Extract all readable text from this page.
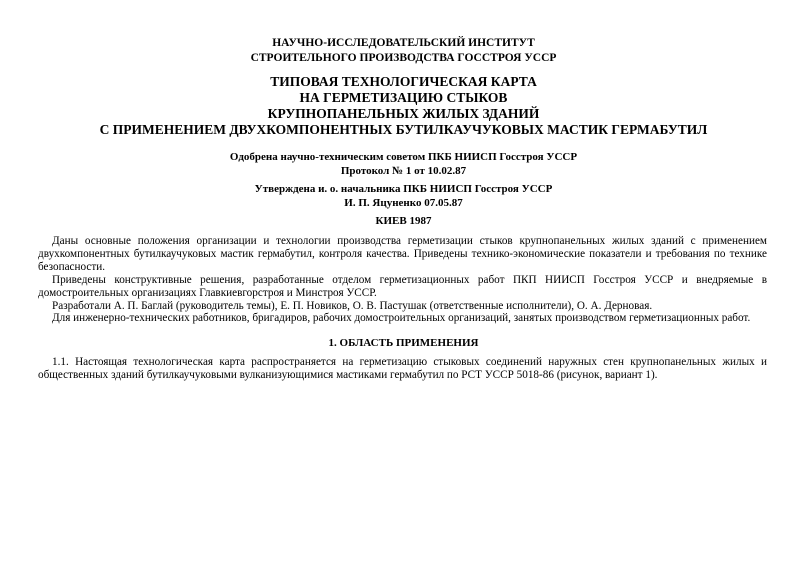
НАУЧНО-ИССЛЕДОВАТЕЛЬСКИЙ ИНСТИТУТ
СТРОИТЕЛЬНОГО ПРОИЗВОДСТВА ГОССТРОЯ УССР
ТИПОВАЯ ТЕХНОЛОГИЧЕСКАЯ КАРТА
НА ГЕРМЕТИЗАЦИЮ СТЫКОВ
КРУПНОПАНЕЛЬНЫХ ЖИЛЫХ ЗДАНИЙ
С ПРИМЕНЕНИЕМ ДВУХКОМПОНЕНТНЫХ БУТИЛКАУЧУКОВЫХ МАСТИК ГЕРМАБУТИЛ
Одобрена научно-техническим советом ПКБ НИИСП Госстроя УССР
Протокол № 1 от 10.02.87
Утверждена и. о. начальника ПКБ НИИСП Госстроя УССР
И. П. Яцуненко 07.05.87
КИЕВ 1987

Даны основные положения организации и технологии производства герметизации стыков крупнопанельных жилых зданий с применением двухкомпонентных бутилкаучуковых мастик гермабутил, контроля качества. Приведены технико-экономические показатели и требования по технике безопасности.

Приведены конструктивные решения, разработанные отделом герметизационных работ ПКП НИИСП Госстроя УССР и внедряемые в домостроительных организациях Главкиевгорстроя и Минстроя УССР.

Разработали А. П. Баглай (руководитель темы), Е. П. Новиков, О. В. Пастушак (ответственные исполнители), О. А. Дерновая.

Для инженерно-технических работников, бригадиров, рабочих домостроительных организаций, занятых производством герметизационных работ.

1. ОБЛАСТЬ ПРИМЕНЕНИЯ

1.1. Настоящая технологическая карта распространяется на герметизацию стыковых соединений наружных стен крупнопанельных жилых и общественных зданий бутилкаучуковыми вулканизующимися мастиками гермабутил по РСТ УССР 5018-86 (рисунок, вариант 1).
